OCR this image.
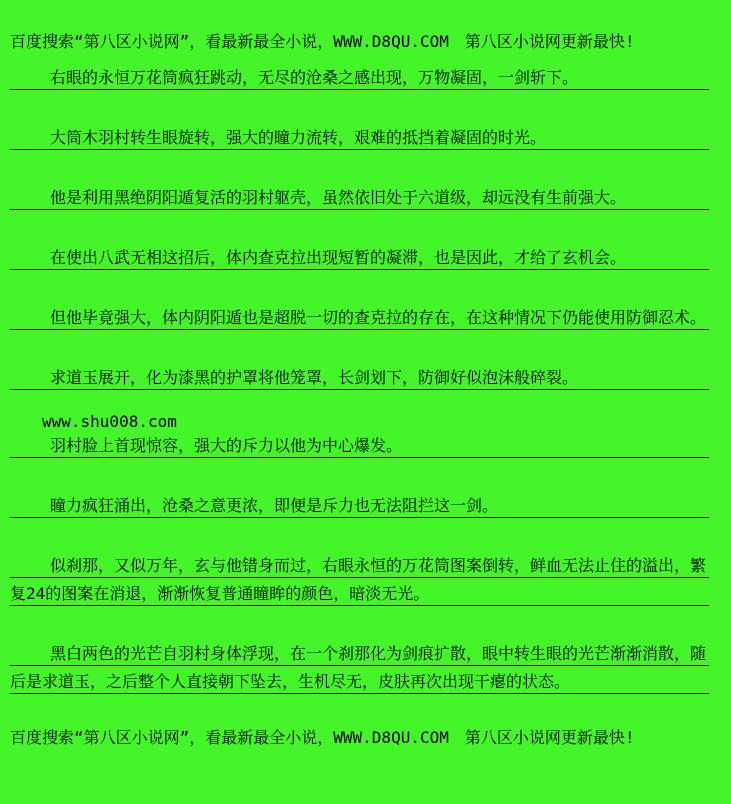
百度搜索“第八区小说网”，看最新最全小说，WWW.D8QU.COM　第八区小说网更新最快!

右眼的永恒万花筒疯狂跳动，无尽的沧桑之感出现，万物凝固，一剑斩下。

大筒木羽村转生眼旋转，强大的瞳力流转，艰难的抵挡着凝固的时光。

他是利用黑绝阴阳遁复活的羽村躯壳，虽然依旧处于六道级，却远没有生前强大。

在使出八武无相这招后，体内查克拉出现短暂的凝滞，也是因此，才给了玄机会。

但他毕竟强大，体内阴阳遁也是超脱一切的查克拉的存在，在这种情况下仍能使用防御忍术。

求道玉展开，化为漆黑的护罩将他笼罩，长剑划下，防御好似泡沫般碎裂。

www.shu008.com

羽村脸上首现惊容，强大的斥力以他为中心爆发。

瞳力疯狂涌出，沧桑之意更浓，即便是斥力也无法阻拦这一剑。

似刹那，又似万年，玄与他错身而过，右眼永恒的万花筒图案倒转，鲜血无法止住的溢出，繁复24的图案在消退，渐渐恢复普通瞳眸的颜色，暗淡无光。

黑白两色的光芒自羽村身体浮现，在一个刹那化为剑痕扩散，眼中转生眼的光芒渐渐消散，随后是求道玉，之后整个人直接朝下坠去，生机尽无，皮肤再次出现干瘪的状态。

百度搜索“第八区小说网”，看最新最全小说，WWW.D8QU.COM　第八区小说网更新最快!
